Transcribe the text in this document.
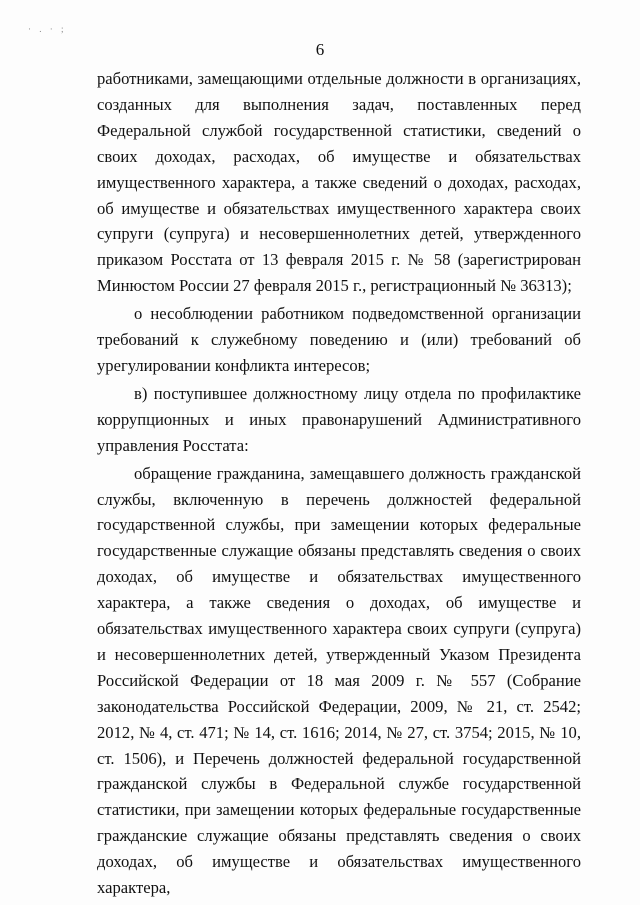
· . · ;
6

работниками, замещающими отдельные должности в организациях, созданных для выполнения задач, поставленных перед Федеральной службой государственной статистики, сведений о своих доходах, расходах, об имуществе и обязательствах имущественного характера, а также сведений о доходах, расходах, об имуществе и обязательствах имущественного характера своих супруги (супруга) и несовершеннолетних детей, утвержденного приказом Росстата от 13 февраля 2015 г. № 58 (зарегистрирован Минюстом России 27 февраля 2015 г., регистрационный № 36313);

о несоблюдении работником подведомственной организации требований к служебному поведению и (или) требований об урегулировании конфликта интересов;

в) поступившее должностному лицу отдела по профилактике коррупционных и иных правонарушений Административного управления Росстата:

обращение гражданина, замещавшего должность гражданской службы, включенную в перечень должностей федеральной государственной службы, при замещении которых федеральные государственные служащие обязаны представлять сведения о своих доходах, об имуществе и обязательствах имущественного характера, а также сведения о доходах, об имуществе и обязательствах имущественного характера своих супруги (супруга) и несовершеннолетних детей, утвержденный Указом Президента Российской Федерации от 18 мая 2009 г. № 557 (Собрание законодательства Российской Федерации, 2009, № 21, ст. 2542; 2012, № 4, ст. 471; № 14, ст. 1616; 2014, № 27, ст. 3754; 2015, № 10, ст. 1506), и Перечень должностей федеральной государственной гражданской службы в Федеральной службе государственной статистики, при замещении которых федеральные государственные гражданские служащие обязаны представлять сведения о своих доходах, об имуществе и обязательствах имущественного характера,
